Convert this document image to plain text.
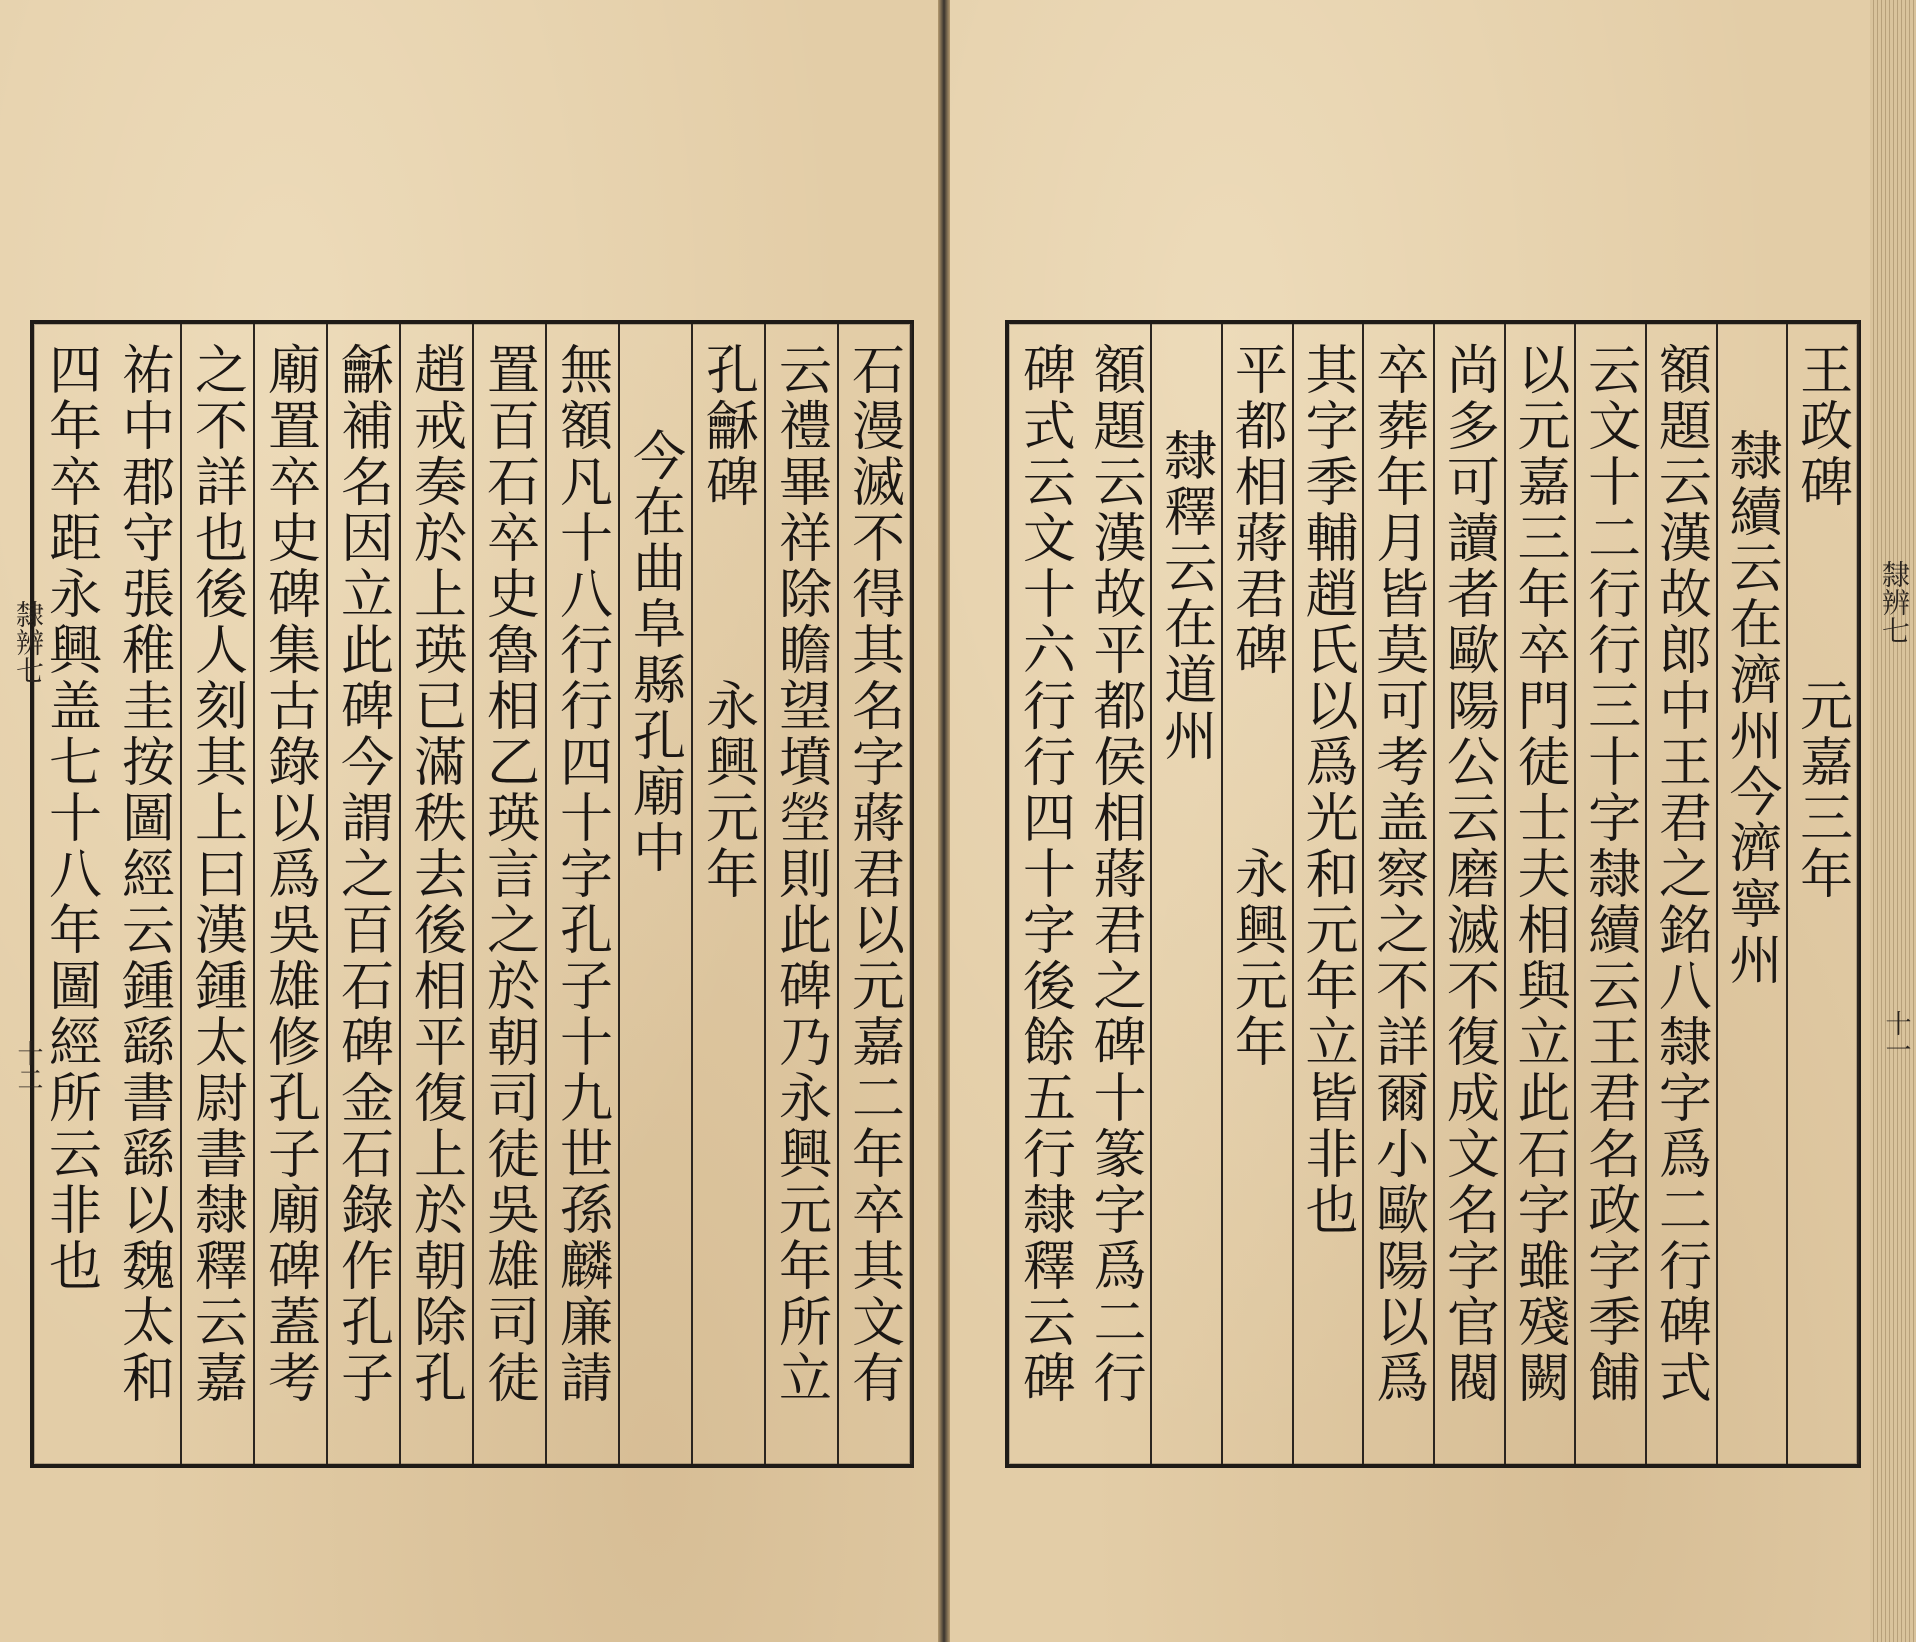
石漫滅不得其名字蔣君以元嘉二年卒其文有
云禮畢祥除瞻望墳塋則此碑乃永興元年所立
孔龢碑　　　永興元年
今在曲阜縣孔廟中
無額凡十八行行四十字孔子十九世孫麟廉請
置百石卒史魯相乙瑛言之於朝司徒吳雄司徒
趙戒奏於上瑛已滿秩去後相平復上於朝除孔
龢補名因立此碑今謂之百石碑金石錄作孔子
廟置卒史碑集古錄以爲吳雄修孔子廟碑蓋考
之不詳也後人刻其上曰漢鍾太尉書隸釋云嘉
祐中郡守張稚圭按圖經云鍾繇書繇以魏太和
四年卒距永興盖七十八年圖經所云非也
隸辨七
十二
王政碑　　　元嘉三年
隸續云在濟州今濟寧州
額題云漢故郎中王君之銘八隸字爲二行碑式
云文十二行行三十字隸續云王君名政字季餔
以元嘉三年卒門徒士夫相與立此石字雖殘闕
尚多可讀者歐陽公云磨滅不復成文名字官閥
卒葬年月皆莫可考盖察之不詳爾小歐陽以爲
其字季輔趙氏以爲光和元年立皆非也
平都相蔣君碑　　　永興元年
隸釋云在道州
額題云漢故平都侯相蔣君之碑十篆字爲二行
碑式云文十六行行四十字後餘五行隸釋云碑	隸辨七
十一
